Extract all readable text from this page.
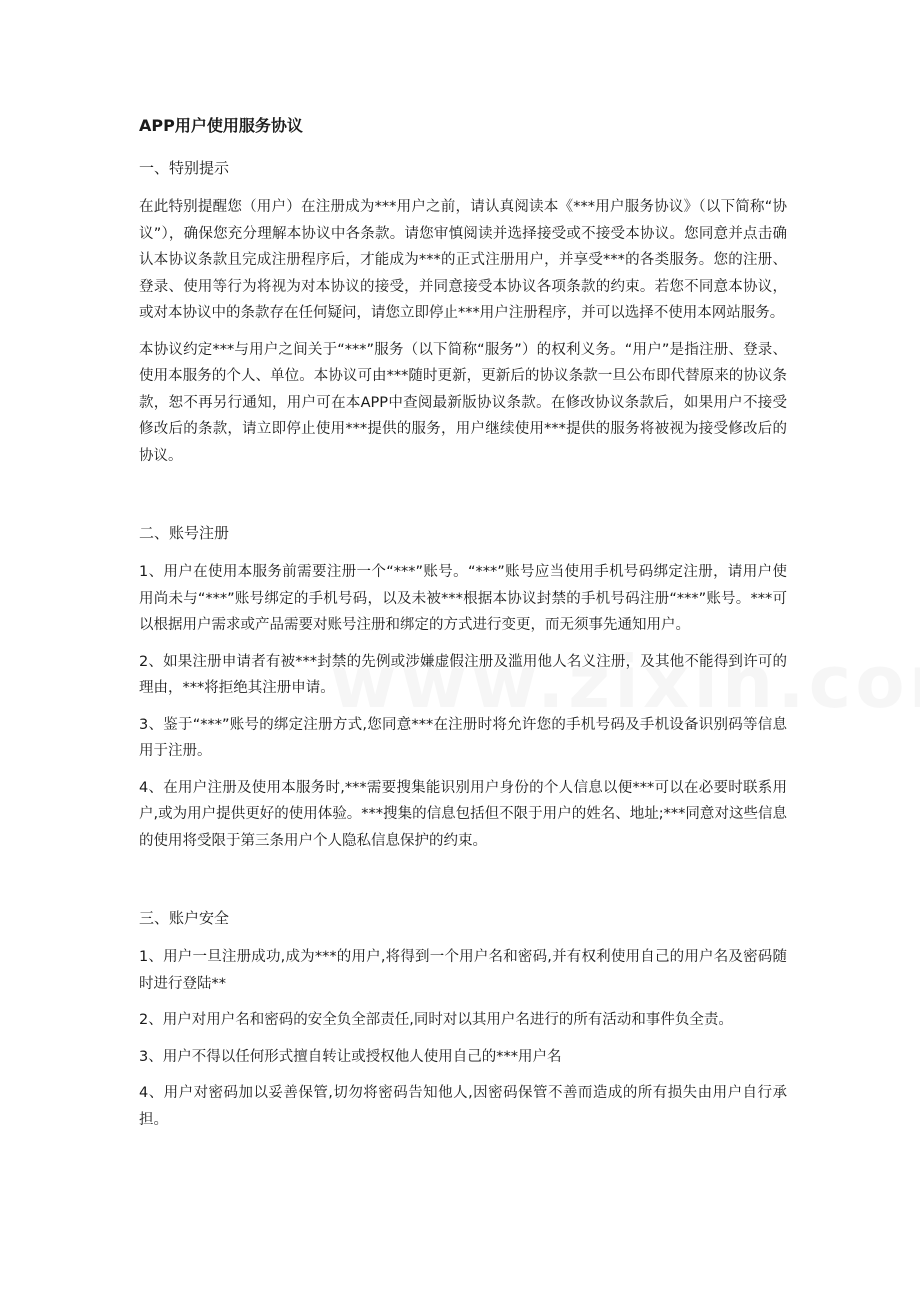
APP用户使用服务协议
一、特别提示

在此特别提醒您（用户）在注册成为***用户之前，请认真阅读本《***用户服务协议》（以下简称“协议”），确保您充分理解本协议中各条款。请您审慎阅读并选择接受或不接受本协议。您同意并点击确认本协议条款且完成注册程序后，才能成为***的正式注册用户，并享受***的各类服务。您的注册、登录、使用等行为将视为对本协议的接受，并同意接受本协议各项条款的约束。若您不同意本协议，或对本协议中的条款存在任何疑问，请您立即停止***用户注册程序，并可以选择不使用本网站服务。

本协议约定***与用户之间关于“***”服务（以下简称“服务”）的权利义务。“用户”是指注册、登录、使用本服务的个人、单位。本协议可由***随时更新，更新后的协议条款一旦公布即代替原来的协议条款，恕不再另行通知，用户可在本APP中查阅最新版协议条款。在修改协议条款后，如果用户不接受修改后的条款，请立即停止使用***提供的服务，用户继续使用***提供的服务将被视为接受修改后的协议。

二、账号注册

1、用户在使用本服务前需要注册一个“***”账号。“***”账号应当使用手机号码绑定注册，请用户使用尚未与“***”账号绑定的手机号码，以及未被***根据本协议封禁的手机号码注册“***”账号。***可以根据用户需求或产品需要对账号注册和绑定的方式进行变更，而无须事先通知用户。

2、如果注册申请者有被***封禁的先例或涉嫌虚假注册及滥用他人名义注册，及其他不能得到许可的理由，***将拒绝其注册申请。

3、鉴于“***”账号的绑定注册方式,您同意***在注册时将允许您的手机号码及手机设备识别码等信息用于注册。

4、在用户注册及使用本服务时,***需要搜集能识别用户身份的个人信息以便***可以在必要时联系用户,或为用户提供更好的使用体验。***搜集的信息包括但不限于用户的姓名、地址;***同意对这些信息的使用将受限于第三条用户个人隐私信息保护的约束。

三、账户安全

1、用户一旦注册成功,成为***的用户,将得到一个用户名和密码,并有权利使用自己的用户名及密码随时进行登陆**

2、用户对用户名和密码的安全负全部责任,同时对以其用户名进行的所有活动和事件负全责。

3、用户不得以任何形式擅自转让或授权他人使用自己的***用户名

4、用户对密码加以妥善保管,切勿将密码告知他人,因密码保管不善而造成的所有损失由用户自行承担。
